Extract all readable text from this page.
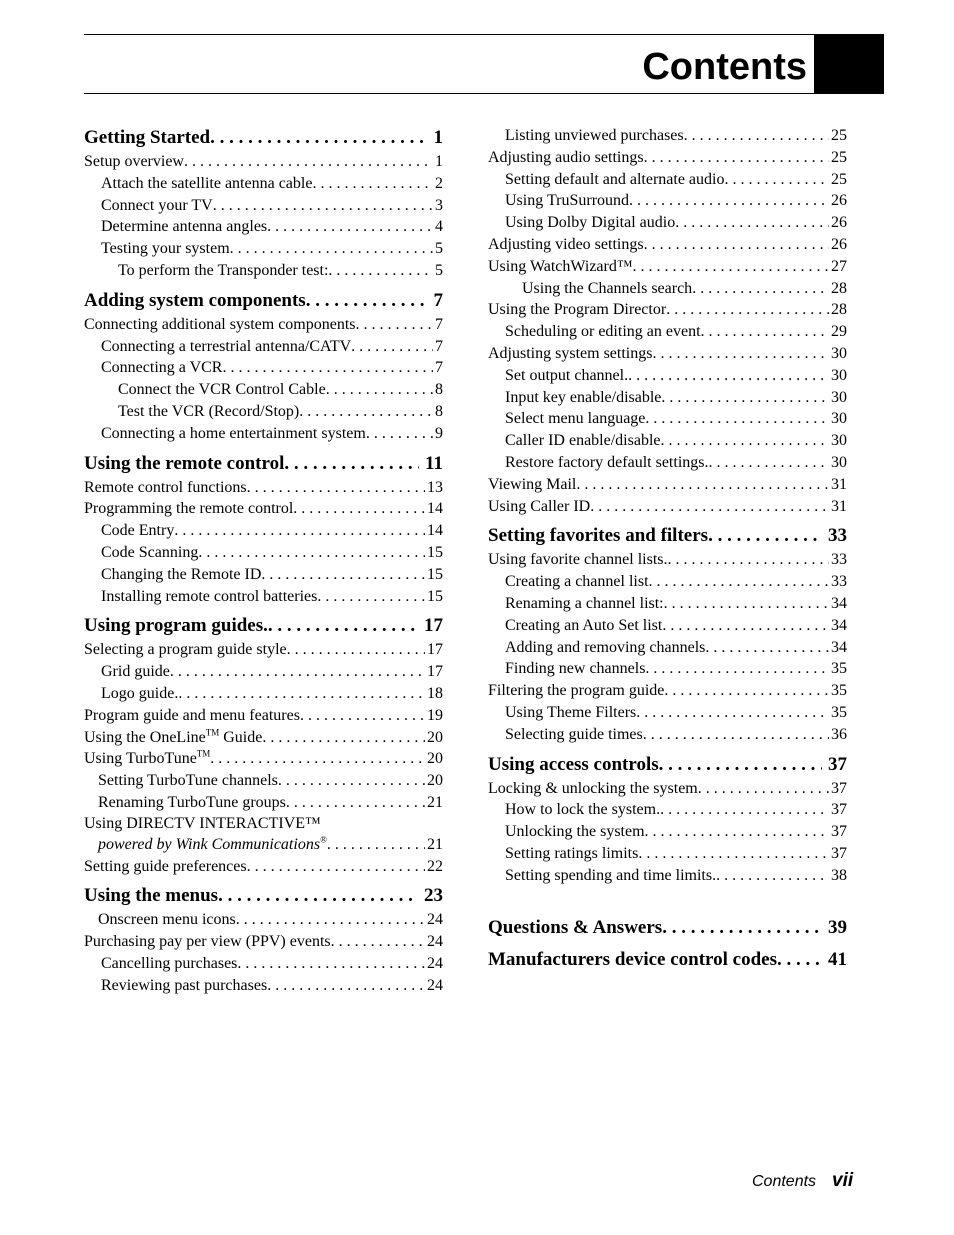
Contents
Getting Started . . .	1
Setup overview . . .	1
Attach the satellite antenna cable . . .	2
Connect your TV . . .	3
Determine antenna angles . . .	4
Testing your system . . .	5
To perform the Transponder test: . . .	5
Adding system components . . .	7
Connecting additional system components . . .	7
Connecting a terrestrial antenna/CATV . . .	7
Connecting a VCR . . .	7
Connect the VCR Control Cable . . .	8
Test the VCR (Record/Stop) . . .	8
Connecting a home entertainment system . . .	9
Using the remote control . . .	11
Remote control functions . . .	13
Programming the remote control . . .	14
Code Entry . . .	14
Code Scanning . . .	15
Changing the Remote ID . . .	15
Installing remote control batteries . . .	15
Using program guides. . . .	17
Selecting a program guide style . . .	17
Grid guide . . .	17
Logo guide. . . .	18
Program guide and menu features . . .	19
Using the OneLine™ Guide . . .	20
Using TurboTune™ . . .	20
Setting TurboTune channels . . .	20
Renaming TurboTune groups . . .	21
Using DIRECTV INTERACTIVE™
powered by Wink Communications® . . .	21
Setting guide preferences . . .	22
Using the menus . . .	23
Onscreen menu icons . . .	24
Purchasing pay per view (PPV) events . . .	24
Cancelling purchases . . .	24
Reviewing past purchases . . .	24
Listing unviewed purchases . . .	25
Adjusting audio settings . . .	25
Setting default and alternate audio . . .	25
Using TruSurround . . .	26
Using Dolby Digital audio . . .	26
Adjusting video settings . . .	26
Using WatchWizard™ . . .	27
Using the Channels search . . .	28
Using the Program Director . . .	28
Scheduling or editing an event . . .	29
Adjusting system settings . . .	30
Set output channel. . . .	30
Input key enable/disable . . .	30
Select menu language . . .	30
Caller ID enable/disable . . .	30
Restore factory default settings. . . .	30
Viewing Mail . . .	31
Using Caller ID . . .	31
Setting favorites and filters . . .	33
Using favorite channel lists. . . .	33
Creating a channel list . . .	33
Renaming a channel list: . . .	34
Creating an Auto Set list . . .	34
Adding and removing channels . . .	34
Finding new channels . . .	35
Filtering the program guide . . .	35
Using Theme Filters . . .	35
Selecting guide times . . .	36
Using access controls . . .	37
Locking & unlocking the system . . .	37
How to lock the system. . . .	37
Unlocking the system . . .	37
Setting ratings limits . . .	37
Setting spending and time limits. . . .	38
Questions & Answers . . .	39
Manufacturers device control codes . . .	41
Contents vii
